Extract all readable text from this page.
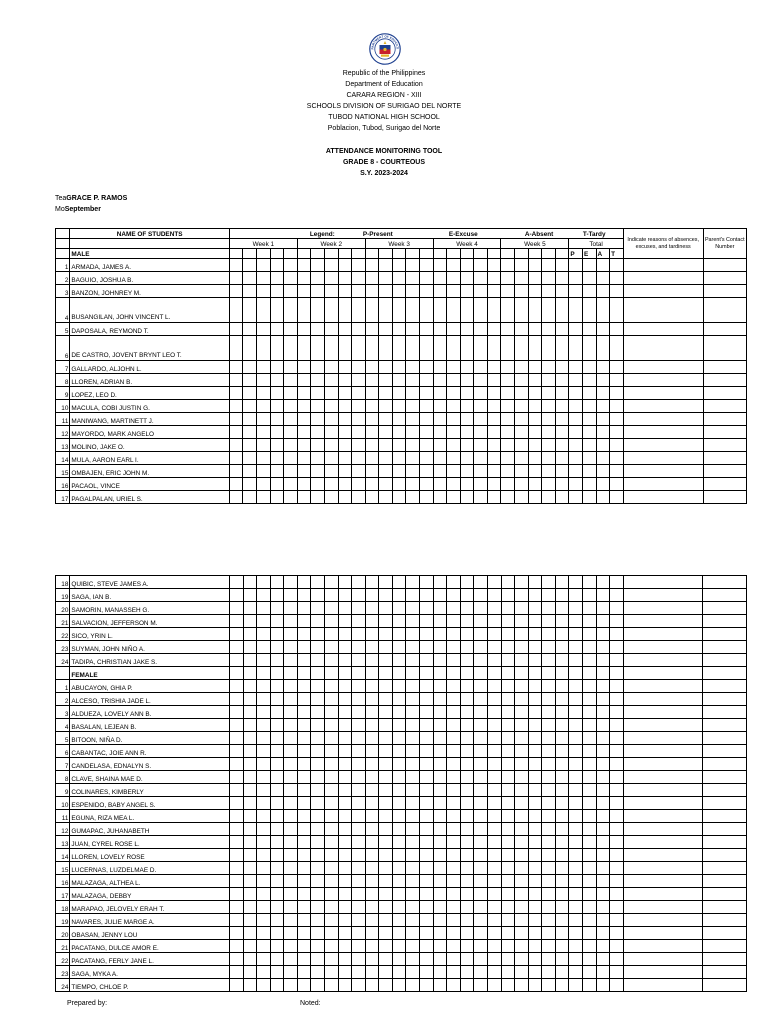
PARTMENT OF EDUCATI
Republic of the Philippines
Department of Education
CARARA REGION - XIII
SCHOOLS DIVISION OF SURIGAO DEL NORTE
TUBOD NATIONAL HIGH SCHOOL
Poblacion, Tubod, Surigao del Norte
ATTENDANCE MONITORING TOOL
GRADE 8 - COURTEOUS
S.Y. 2023-2024
TeaGRACE P. RAMOS
MoSeptember
	NAME OF STUDENTS	Legend: P-Present E-Excuse A-Absent T-Tardy																													Indicate reasons of absences, excuses, and tardiness	Parent's Contact Number
		Week 1					Week 2					Week 3					Week 4					Week 5					Total					
	MALE																										P	E	A	T		
1	ARMADA, JAMES A.																															
2	BAGUIO, JOSHUA B.																															
3	BANZON, JOHNREY M.																															
4	BUSANGILAN, JOHN VINCENT L.																															
5	DAPOSALA, REYMOND T.																															
6	DE CASTRO, JOVENT BRYNT LEO T.																															
7	GALLARDO, ALJOHN L.																															
8	LLOREN, ADRIAN B.																															
9	LOPEZ, LEO D.																															
10	MACULA, COBI JUSTIN G.																															
11	MANIWANG, MARTINETT J.																															
12	MAYORDO, MARK ANGELO																															
13	MOLINO, JAKE O.																															
14	MULA, AARON EARL I.																															
15	OMBAJEN, ERIC JOHN M.																															
16	PACAOL, VINCE																															
17	PAGALPALAN, URIEL S.																															
18	QUIBIC, STEVE JAMES A.																															
19	SAGA, IAN B.																															
20	SAMORIN, MANASSEH G.																															
21	SALVACION, JEFFERSON M.																															
22	SICO, YRIN L.																															
23	SUYMAN, JOHN NIÑO A.																															
24	TADIPA, CHRISTIAN JAKE S.																															
	FEMALE																															
1	ABUCAYON, GHIA P.																															
2	ALCESO, TRISHIA JADE L.																															
3	ALDUEZA, LOVELY ANN B.																															
4	BASALAN, LEJEAN B.																															
5	BITOON, NIÑA D.																															
6	CABANTAC, JOIE ANN R.																															
7	CANDELASA, EDNALYN S.																															
8	CLAVE, SHAINA MAE D.																															
9	COLINARES, KIMBERLY																															
10	ESPENIDO, BABY ANGEL S.																															
11	EGUNA, RIZA MEA L.																															
12	GUMAPAC, JUHANABETH																															
13	JUAN, CYREL ROSE L.																															
14	LLOREN, LOVELY ROSE																															
15	LUCERNAS, LUZDELMAE D.																															
16	MALAZAGA, ALTHEA L.																															
17	MALAZAGA, DEBBY																															
18	MARAPAO, JELOVELY ERAH T.																															
19	NAVARES, JULIE MARGE A.																															
20	OBASAN, JENNY LOU																															
21	PACATANG, DULCE AMOR E.																															
22	PACATANG, FERLY JANE L.																															
23	SAGA, MYKA A.																															
24	TIEMPO, CHLOE P.																															
Prepared by:	Noted:
